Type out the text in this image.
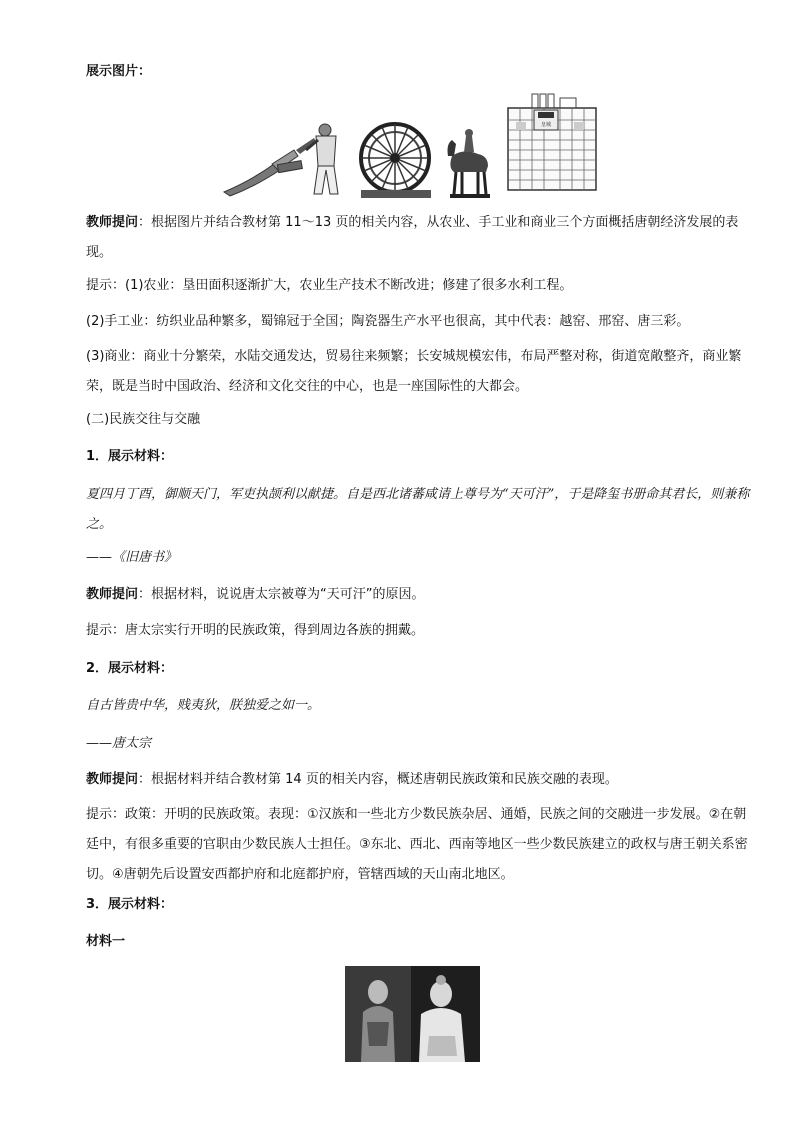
展示图片：

皇城

教师提问：根据图片并结合教材第 11～13 页的相关内容，从农业、手工业和商业三个方面概括唐朝经济发展的表现。

提示：(1)农业：垦田面积逐渐扩大，农业生产技术不断改进；修建了很多水利工程。

(2)手工业：纺织业品种繁多，蜀锦冠于全国；陶瓷器生产水平也很高，其中代表：越窑、邢窑、唐三彩。

(3)商业：商业十分繁荣，水陆交通发达，贸易往来频繁；长安城规模宏伟，布局严整对称，街道宽敞整齐，商业繁荣，既是当时中国政治、经济和文化交往的中心，也是一座国际性的大都会。

(二)民族交往与交融

1．展示材料：

夏四月丁酉，御顺天门，军吏执颉利以献捷。自是西北诸蕃咸请上尊号为“天可汗”，于是降玺书册命其君长，则兼称之。

——《旧唐书》

教师提问：根据材料，说说唐太宗被尊为“天可汗”的原因。

提示：唐太宗实行开明的民族政策，得到周边各族的拥戴。

2．展示材料：

自古皆贵中华，贱夷狄，朕独爱之如一。

——唐太宗

教师提问：根据材料并结合教材第 14 页的相关内容，概述唐朝民族政策和民族交融的表现。

提示：政策：开明的民族政策。表现：①汉族和一些北方少数民族杂居、通婚，民族之间的交融进一步发展。②在朝廷中，有很多重要的官职由少数民族人士担任。③东北、西北、西南等地区一些少数民族建立的政权与唐王朝关系密切。④唐朝先后设置安西都护府和北庭都护府，管辖西域的天山南北地区。

3．展示材料：

材料一
